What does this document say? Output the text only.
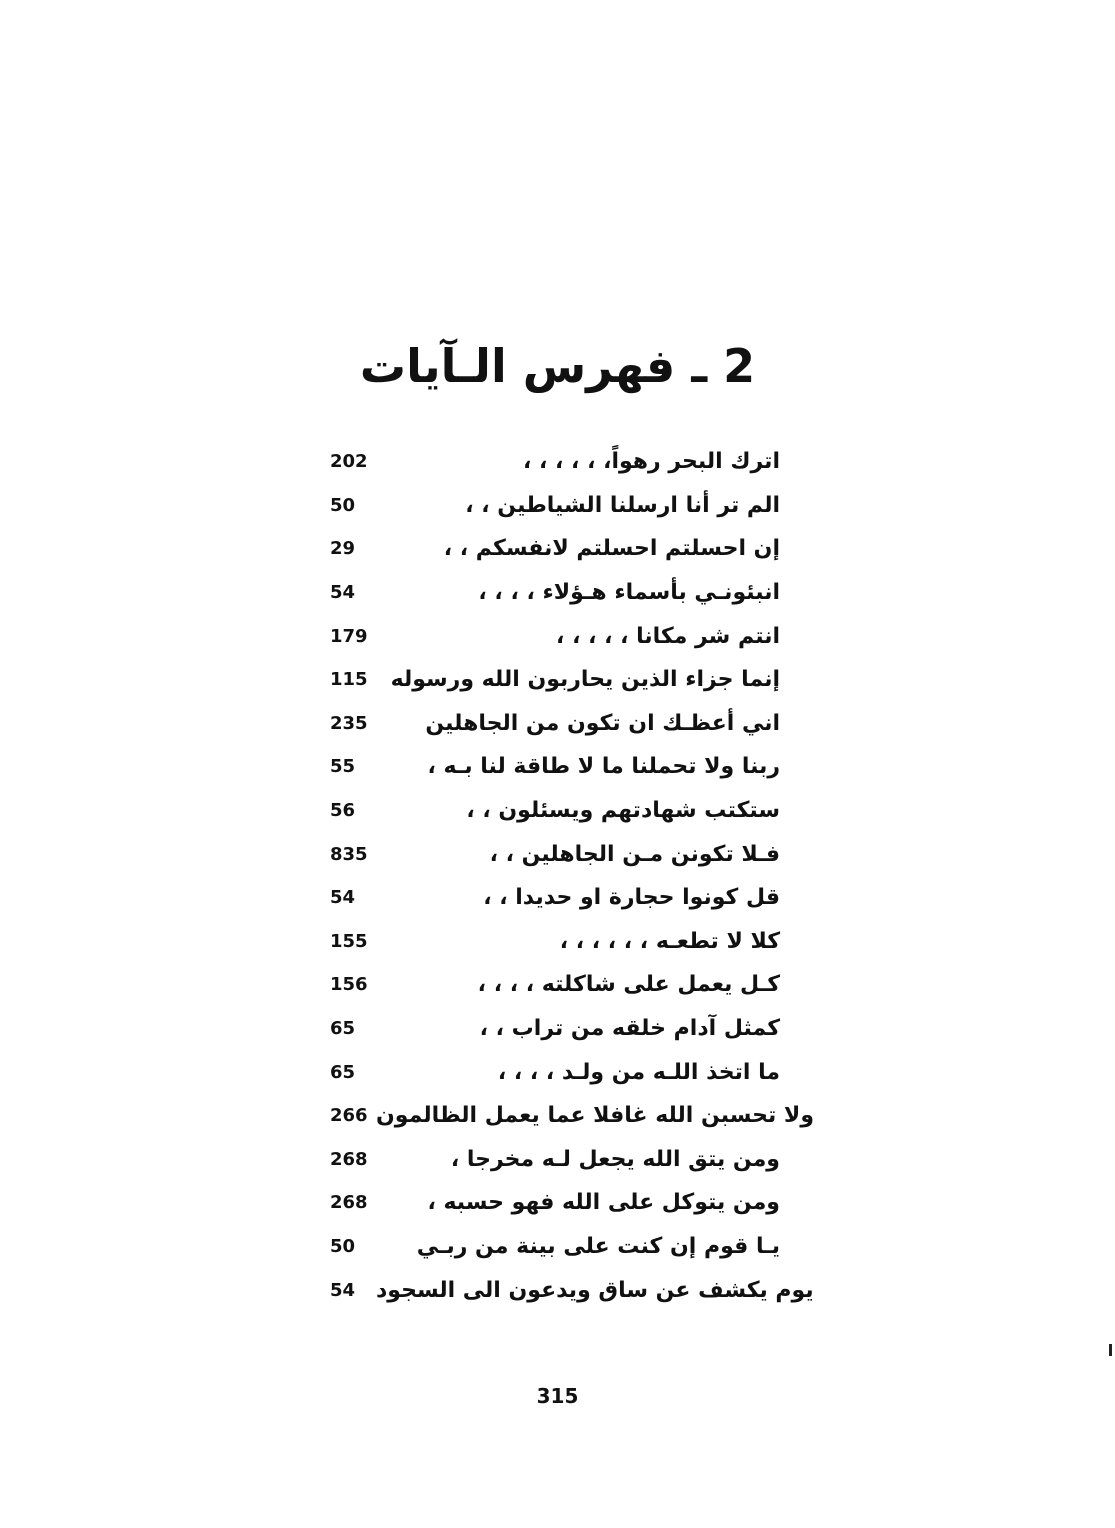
2 ـ فهرس الـآيات
202	اترك البحر رهواً، ، ، ، ، ،
50	الم تر أنا ارسلنا الشياطين ، ،
29	إن احسلتم احسلتم لانفسكم ، ،
54	انبئونـي بأسماء هـؤلاء ، ، ، ،
179	انتم شر مكانا ، ، ، ، ،
115	إنما جزاء الذين يحاربون الله ورسوله
235	اني أعظـك ان تكون من الجاهلين
55	ربنا ولا تحملنا ما لا طاقة لنا بـه ،
56	ستكتب شهادتهم ويسئلون ، ،
835	فـلا تكونن مـن الجاهلين ، ،
54	قل كونوا حجارة او حديدا ، ،
155	كلا لا تطعـه ، ، ، ، ، ،
156	كـل يعمل على شاكلته ، ، ، ،
65	كمثل آدام خلقه من تراب ، ،
65	ما اتخذ اللـه من ولـد ، ، ، ،
266 ولا تحسبن الله غافلا عما يعمل الظالمون
268	ومن يتق الله يجعل لـه مخرجا ،
268	ومن يتوكل على الله فهو حسبه ،
50	يـا قوم إن كنت على بينة من ربـي
54 يوم يكشف عن ساق ويدعون الى السجود
315
